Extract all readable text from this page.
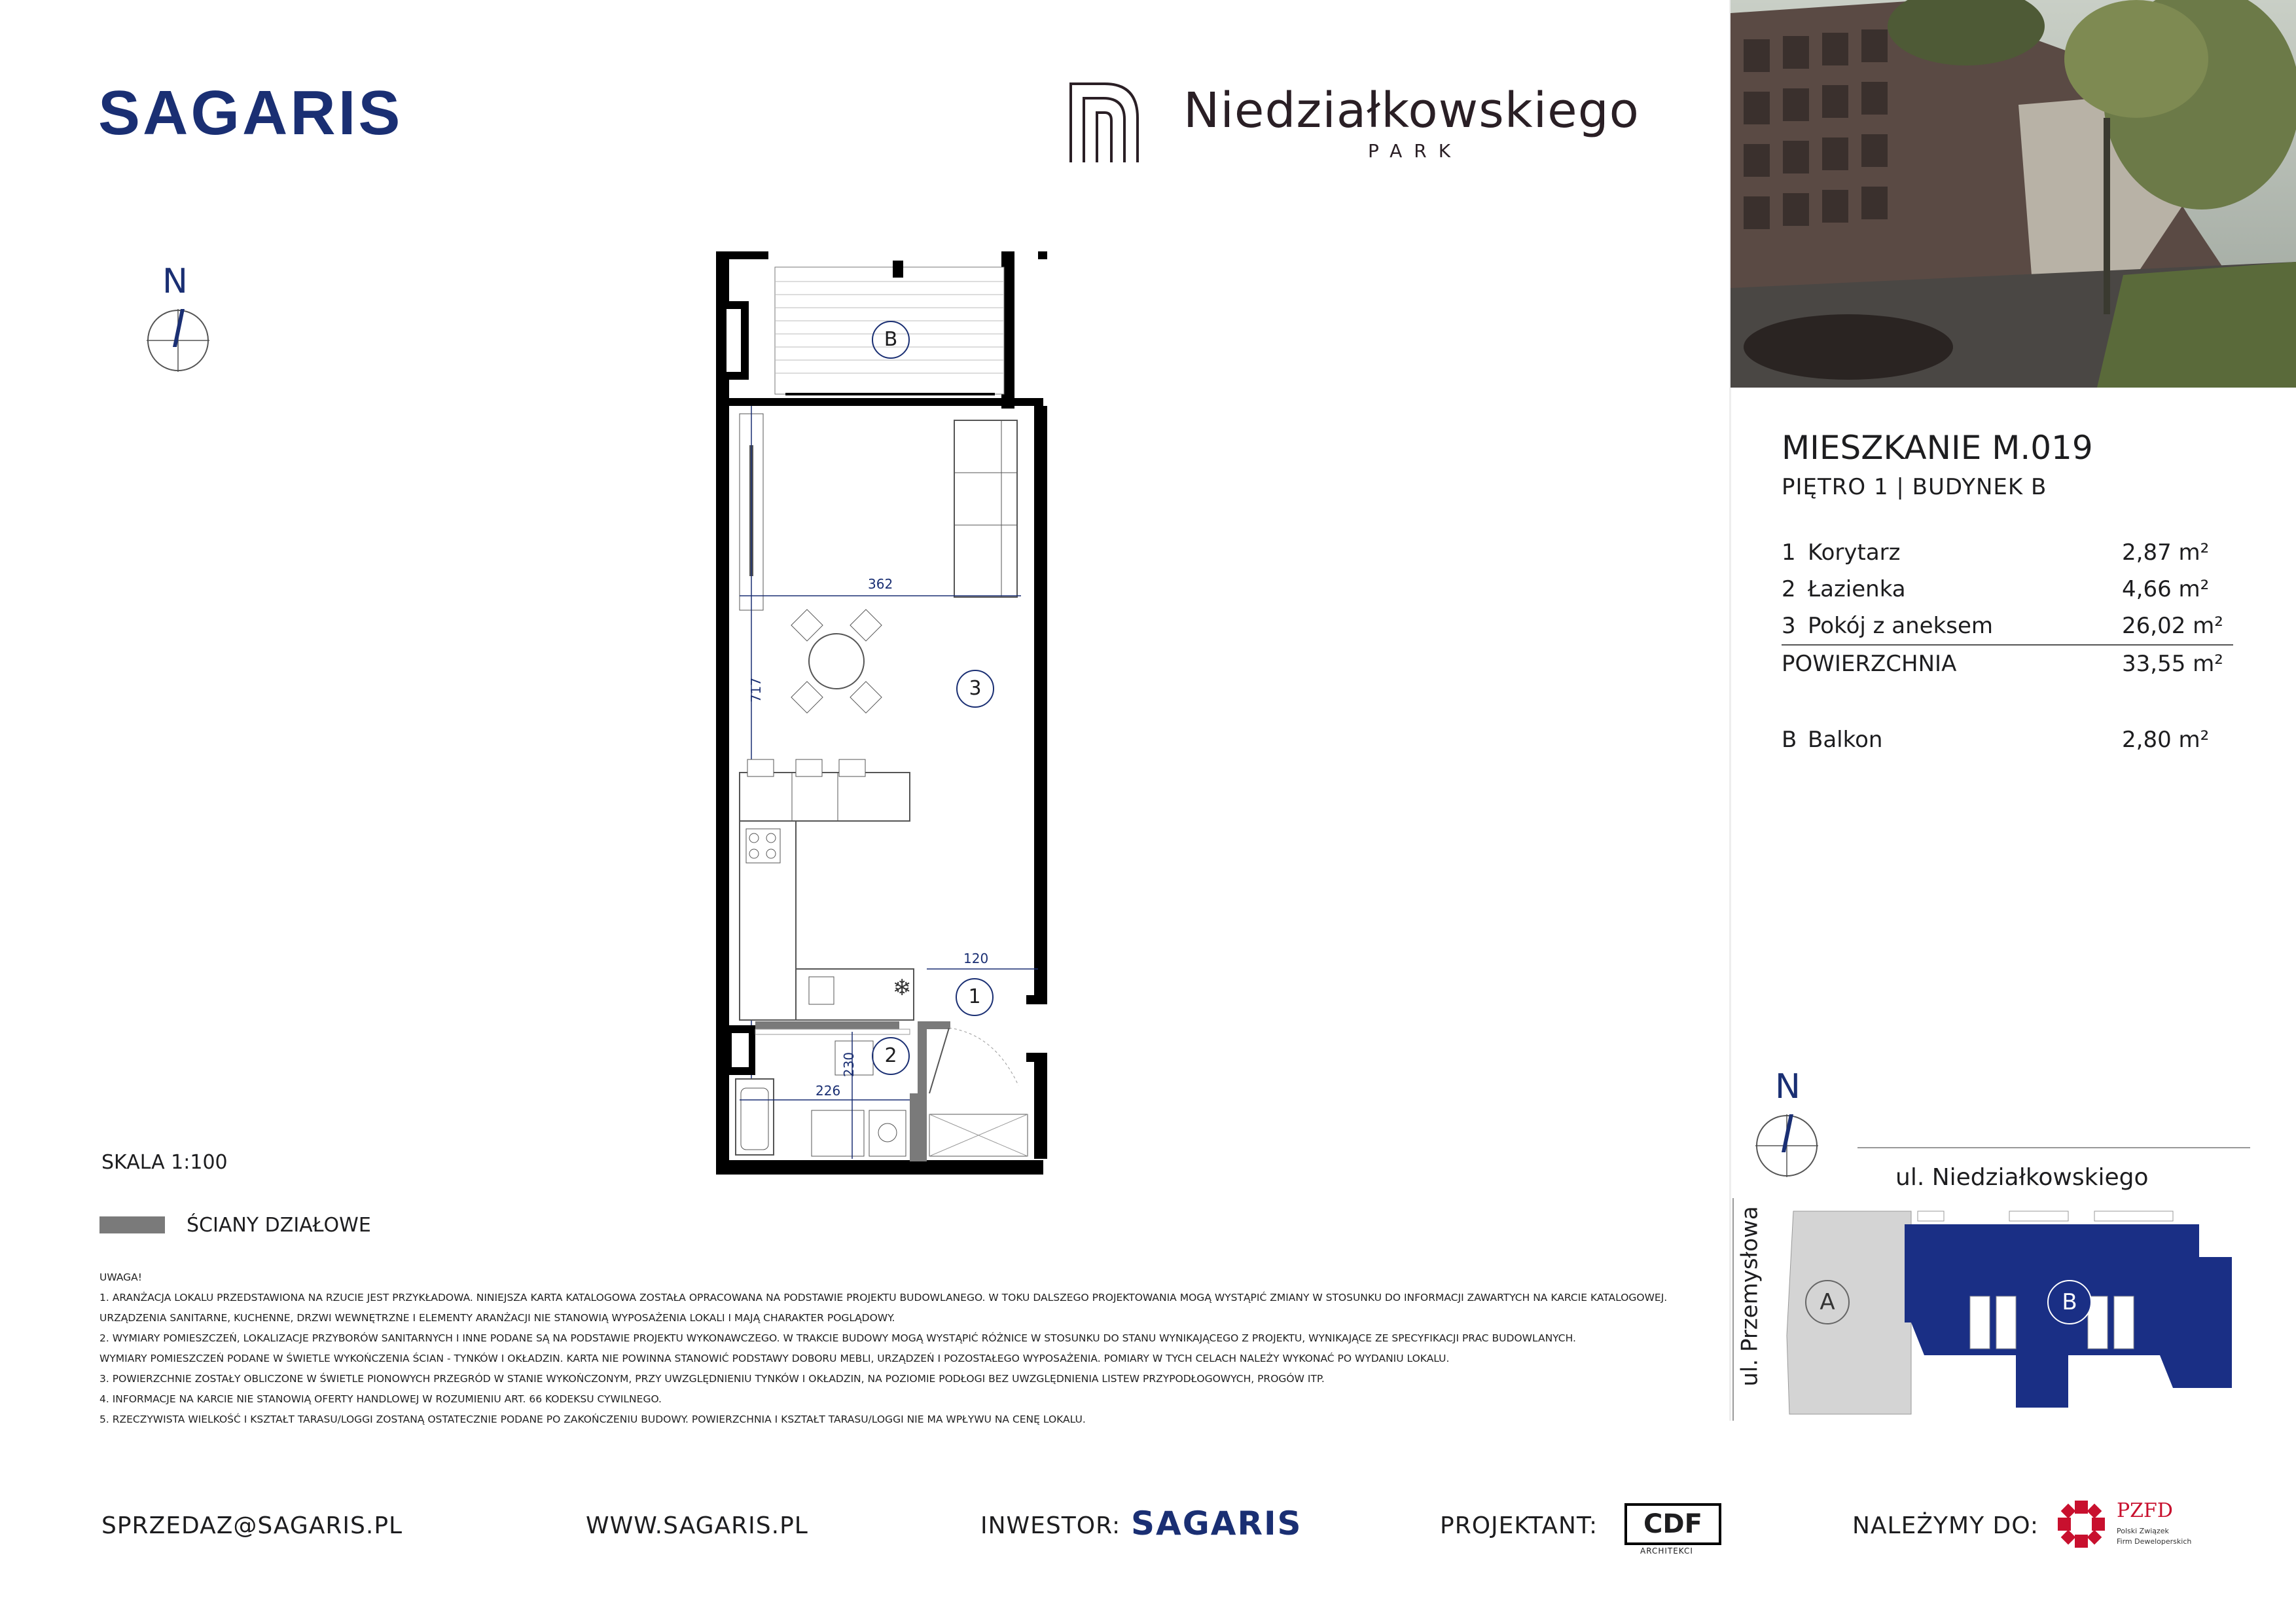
SAGARIS	Niedziałkowskiego
PARK
N
❄
B
3
1
2
362
717
120
230
226
SKALA 1:100
ŚCIANY DZIAŁOWE
UWAGA!
1. ARANŻACJA LOKALU PRZEDSTAWIONA NA RZUCIE JEST PRZYKŁADOWA. NINIEJSZA KARTA KATALOGOWA ZOSTAŁA OPRACOWANA NA PODSTAWIE PROJEKTU BUDOWLANEGO. W TOKU DALSZEGO PROJEKTOWANIA MOGĄ WYSTĄPIĆ ZMIANY W STOSUNKU DO INFORMACJI ZAWARTYCH NA KARCIE KATALOGOWEJ.
URZĄDZENIA SANITARNE, KUCHENNE, DRZWI WEWNĘTRZNE I ELEMENTY ARANŻACJI NIE STANOWIĄ WYPOSAŻENIA LOKALI I MAJĄ CHARAKTER POGLĄDOWY.
2. WYMIARY POMIESZCZEŃ, LOKALIZACJE PRZYBORÓW SANITARNYCH I INNE PODANE SĄ NA PODSTAWIE PROJEKTU WYKONAWCZEGO. W TRAKCIE BUDOWY MOGĄ WYSTĄPIĆ RÓŻNICE W STOSUNKU DO STANU WYNIKAJĄCEGO Z PROJEKTU, WYNIKAJĄCE ZE SPECYFIKACJI PRAC BUDOWLANYCH.
WYMIARY POMIESZCZEŃ PODANE W ŚWIETLE WYKOŃCZENIA ŚCIAN - TYNKÓW I OKŁADZIN. KARTA NIE POWINNA STANOWIĆ PODSTAWY DOBORU MEBLI, URZĄDZEŃ I POZOSTAŁEGO WYPOSAŻENIA. POMIARY W TYCH CELACH NALEŻY WYKONAĆ PO WYDANIU LOKALU.
3. POWIERZCHNIE ZOSTAŁY OBLICZONE W ŚWIETLE PIONOWYCH PRZEGRÓD W STANIE WYKOŃCZONYM, PRZY UWZGLĘDNIENIU TYNKÓW I OKŁADZIN, NA POZIOMIE PODŁOGI BEZ UWZGLĘDNIENIA LISTEW PRZYPODŁOGOWYCH, PROGÓW ITP.
4. INFORMACJE NA KARCIE NIE STANOWIĄ OFERTY HANDLOWEJ W ROZUMIENIU ART. 66 KODEKSU CYWILNEGO.
5. RZECZYWISTA WIELKOŚĆ I KSZTAŁT TARASU/LOGGI ZOSTANĄ OSTATECZNIE PODANE PO ZAKOŃCZENIU BUDOWY. POWIERZCHNIA I KSZTAŁT TARASU/LOGGI NIE MA WPŁYWU NA CENĘ LOKALU.
MIESZKANIE M.019
PIĘTRO 1 | BUDYNEK B
1	Korytarz	2,87 m²
2	Łazienka	4,66 m²
3	Pokój z aneksem	26,02 m²
POWIERZCHNIA		33,55 m²

B	Balkon	2,80 m²
N
ul. Niedziałkowskiego
ul. Przemysłowa	A	B
SPRZEDAZ@SAGARIS.PL	WWW.SAGARIS.PL	INWESTOR: SAGARIS	PROJEKTANT:	CDF
ARCHITEKCI
NALEŻYMY DO:
PZFD
Polski Związek
Firm Deweloperskich
